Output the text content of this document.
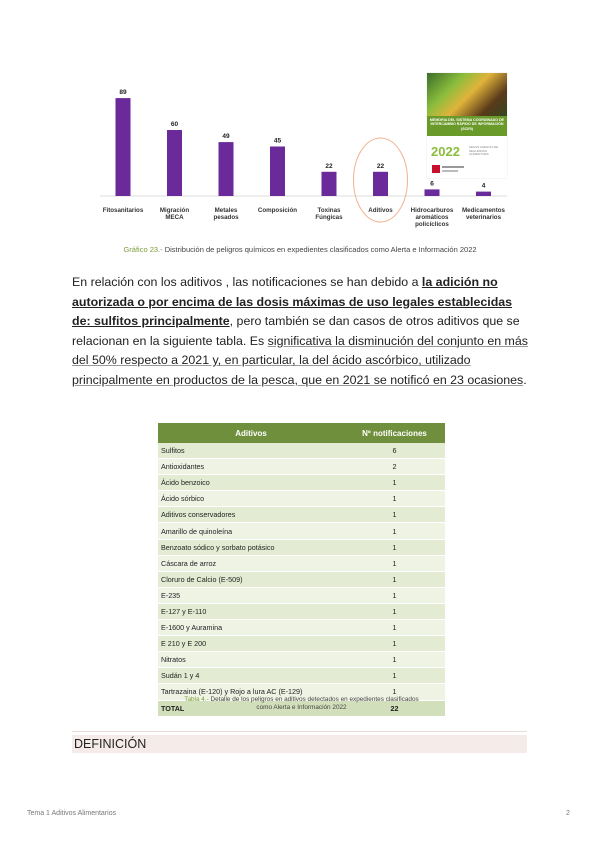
89
Fitosanitarios
60
Migración
MECA
49
Metales
pesados
45
Composición
22
Toxinas
Fúngicas
22
Aditivos
6
Hidrocarburos
aromáticos
policíclicos
4
Medicamentos
veterinarios
MEMORIA DEL SISTEMA COORDINADO DE INTERCAMBIO RÁPIDO DE INFORMACIÓN (SCIRI)
2022	AESAN AGENCIA DE SEGURIDAD ALIMENTARIA
Gráfico 23.- Distribución de peligros químicos en expedientes clasificados como Alerta e Información 2022
En relación con los aditivos , las notificaciones se han debido a la adición no autorizada o por encima de las dosis máximas de uso legales establecidas de: sulfitos principalmente, pero también se dan casos de otros aditivos que se relacionan en la siguiente tabla. Es significativa la disminución del conjunto en más del 50% respecto a 2021 y, en particular, la del ácido ascórbico, utilizado principalmente en productos de la pesca, que en 2021 se notificó en 23 ocasiones.
Aditivos	Nº notificaciones
Sulfitos	6
Antioxidantes	2
Ácido benzoico	1
Ácido sórbico	1
Aditivos conservadores	1
Amarillo de quinoleína	1
Benzoato sódico y sorbato potásico	1
Cáscara de arroz	1
Cloruro de Calcio (E-509)	1
E-235	1
E-127 y E-110	1
E-1600 y Auramina	1
E 210 y E 200	1
Nitratos	1
Sudán 1 y 4	1
Tartrazaina (E-120) y Rojo a lura AC (E-129)	1
TOTAL	22
Tabla 4.- Detalle de los peligros en aditivos detectados en expedientes clasificados
como Alerta e Información 2022
DEFINICIÓN
Tema 1 Aditivos Alimentarios	2
